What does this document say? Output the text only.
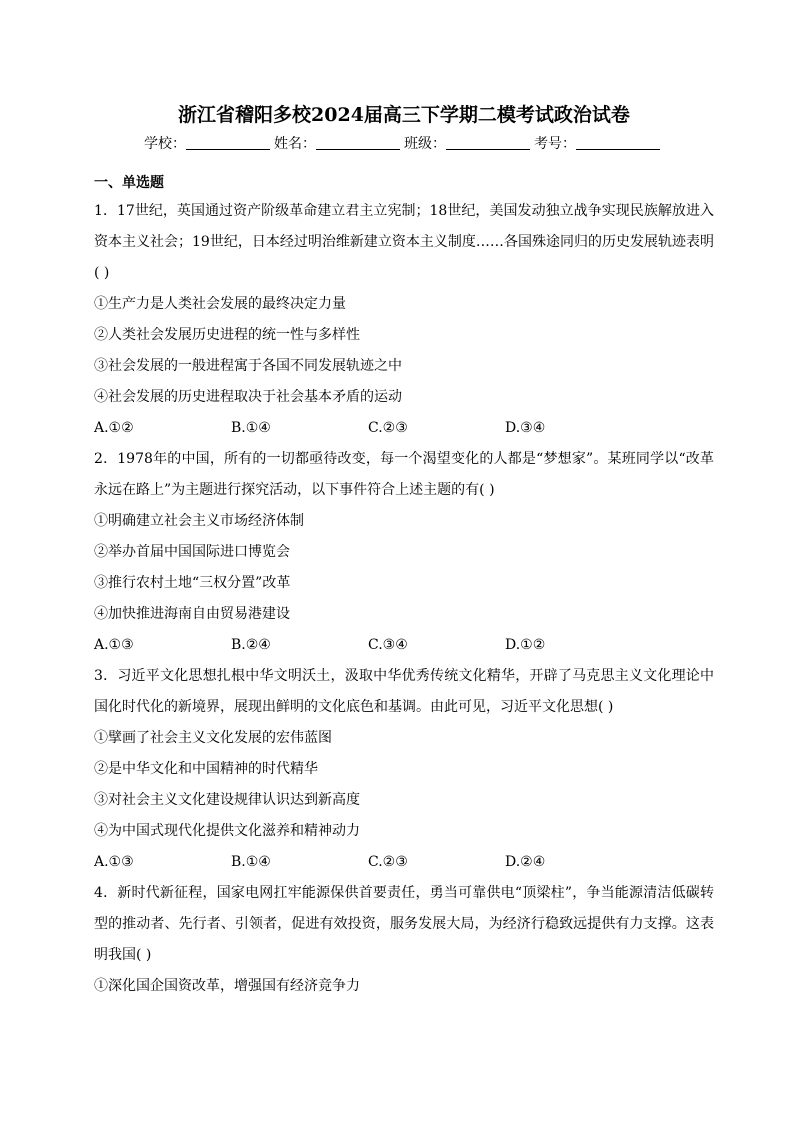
浙江省稽阳多校2024届高三下学期二模考试政治试卷
学校：	姓名：	班级：	考号：
一、单选题

1．17世纪，英国通过资产阶级革命建立君主立宪制；18世纪，美国发动独立战争实现民族解放进入资本主义社会；19世纪，日本经过明治维新建立资本主义制度……各国殊途同归的历史发展轨迹表明( )

①生产力是人类社会发展的最终决定力量

②人类社会发展历史进程的统一性与多样性

③社会发展的一般进程寓于各国不同发展轨迹之中

④社会发展的历史进程取决于社会基本矛盾的运动

A.①②	B.①④	C.②③	D.③④

2．1978年的中国，所有的一切都亟待改变，每一个渴望变化的人都是“梦想家”。某班同学以“改革永远在路上”为主题进行探究活动，以下事件符合上述主题的有( )

①明确建立社会主义市场经济体制

②举办首届中国国际进口博览会

③推行农村土地“三权分置”改革

④加快推进海南自由贸易港建设

A.①③	B.②④	C.③④	D.①②

3．习近平文化思想扎根中华文明沃土，汲取中华优秀传统文化精华，开辟了马克思主义文化理论中国化时代化的新境界，展现出鲜明的文化底色和基调。由此可见，习近平文化思想( )

①擘画了社会主义文化发展的宏伟蓝图

②是中华文化和中国精神的时代精华

③对社会主义文化建设规律认识达到新高度

④为中国式现代化提供文化滋养和精神动力

A.①③	B.①④	C.②③	D.②④

4．新时代新征程，国家电网扛牢能源保供首要责任，勇当可靠供电“顶梁柱”，争当能源清洁低碳转型的推动者、先行者、引领者，促进有效投资，服务发展大局，为经济行稳致远提供有力支撑。这表明我国( )

①深化国企国资改革，增强国有经济竞争力
